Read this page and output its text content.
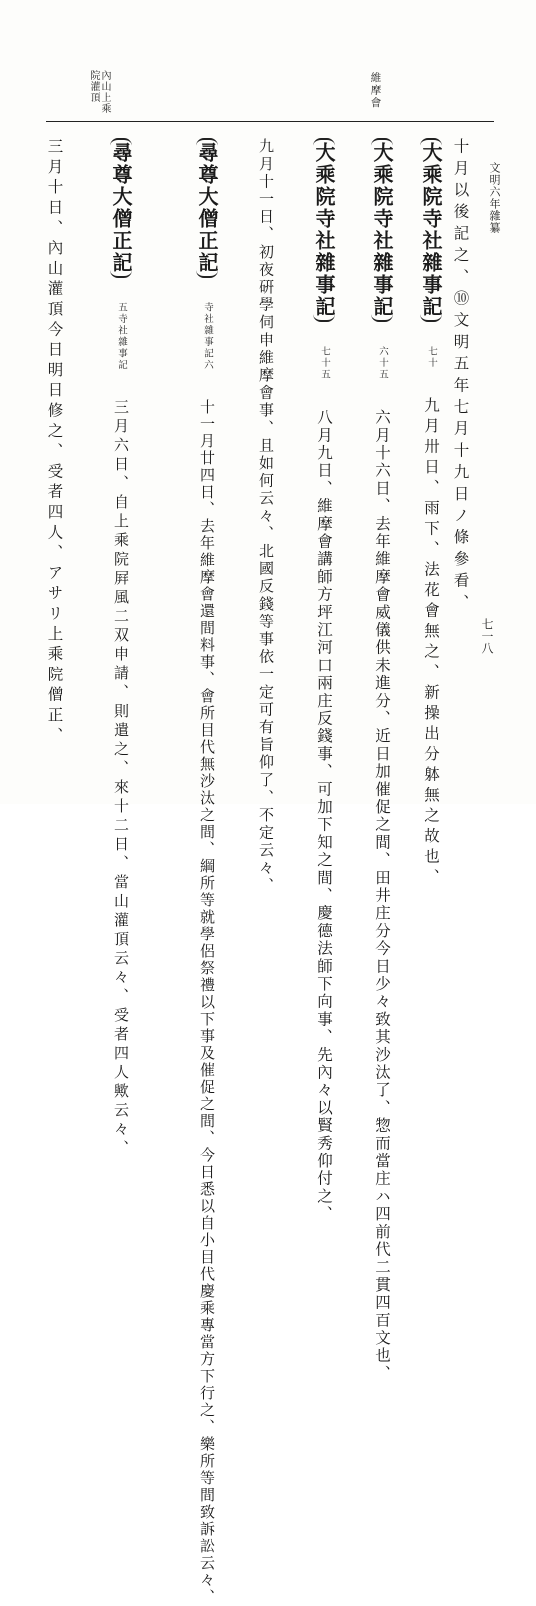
文明六年雜纂
七一八
維摩會
內山上乘院灌頂
十月以後記之、⑩文明五年七月十九日ノ條參看、
大乘院寺社雜事記 七十 九月卅日、雨下、法花會無之、新操出分躰無之故也、
大乘院寺社雜事記 六十五 六月十六日、去年維摩會威儀供未進分、近日加催促之間、田井庄分今日少々致其沙汰了、惣而當庄ハ四前代二貫四百文也、
大乘院寺社雜事記 七十五 八月九日、維摩會講師方坪江河口兩庄反錢事、可加下知之間、慶德法師下向事、先內々以賢秀仰付之、
九月十一日、初夜硏學伺申維摩會事、且如何云々、北國反錢等事依一定可有旨仰了、不定云々、
尋尊大僧正記 寺社雜事記六 十一月廿四日、去年維摩會還間料事、會所目代無沙汰之間、綱所等就學侶祭禮以下事及催促之間、今日悉以自小目代慶乘專當方下行之、樂所等間致訴訟云々、
尋尊大僧正記 五寺社雜事記 三月六日、自上乘院屛風二双申請、則遣之、來十二日、當山灌頂云々、受者四人歟云々、
三月十日、內山灌頂今日明日修之、受者四人、アサリ上乘院僧正、
